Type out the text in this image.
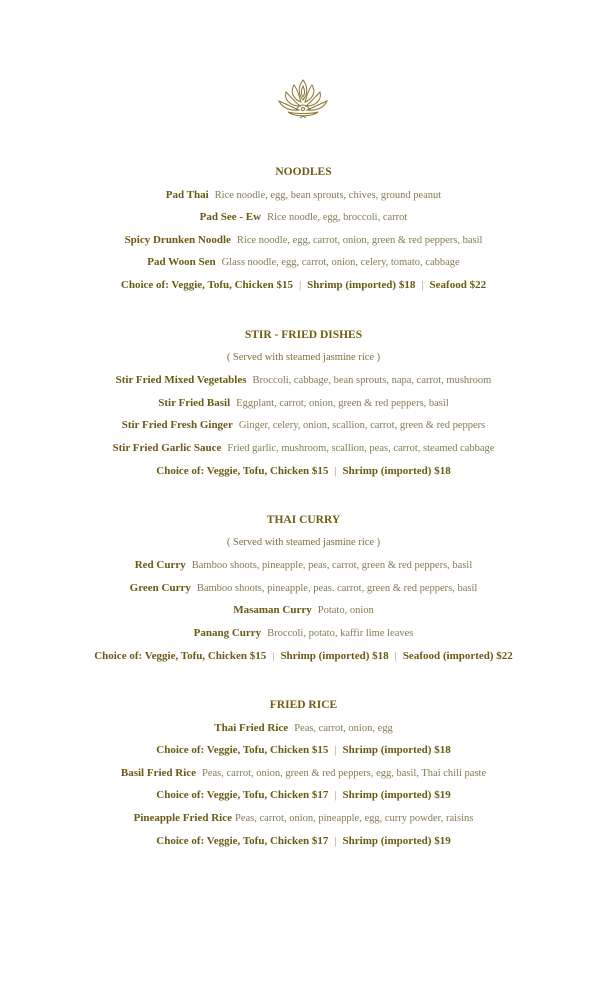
NOODLES
Pad Thai Rice noodle, egg, bean sprouts, chives, ground peanut
Pad See - Ew Rice noodle, egg, broccoli, carrot
Spicy Drunken Noodle Rice noodle, egg, carrot, onion, green & red peppers, basil
Pad Woon Sen Glass noodle, egg, carrot, onion, celery, tomato, cabbage
Choice of: Veggie, Tofu, Chicken $15 | Shrimp (imported) $18 | Seafood $22
STIR - FRIED DISHES
( Served with steamed jasmine rice )
Stir Fried Mixed Vegetables Broccoli, cabbage, bean sprouts, napa, carrot, mushroom
Stir Fried Basil Eggplant, carrot, onion, green & red peppers, basil
Stir Fried Fresh Ginger Ginger, celery, onion, scallion, carrot, green & red peppers
Stir Fried Garlic Sauce Fried garlic, mushroom, scallion, peas, carrot, steamed cabbage
Choice of: Veggie, Tofu, Chicken $15 | Shrimp (imported) $18
THAI CURRY
( Served with steamed jasmine rice )
Red Curry Bamboo shoots, pineapple, peas, carrot, green & red peppers, basil
Green Curry Bamboo shoots, pineapple, peas. carrot, green & red peppers, basil
Masaman Curry Potato, onion
Panang Curry Broccoli, potato, kaffir lime leaves
Choice of: Veggie, Tofu, Chicken $15 | Shrimp (imported) $18 | Seafood (imported) $22
FRIED RICE
Thai Fried Rice Peas, carrot, onion, egg
Choice of: Veggie, Tofu, Chicken $15 | Shrimp (imported) $18
Basil Fried Rice Peas, carrot, onion, green & red peppers, egg, basil, Thai chili paste
Choice of: Veggie, Tofu, Chicken $17 | Shrimp (imported) $19
Pineapple Fried Rice Peas, carrot, onion, pineapple, egg, curry powder, raisins
Choice of: Veggie, Tofu, Chicken $17 | Shrimp (imported) $19
